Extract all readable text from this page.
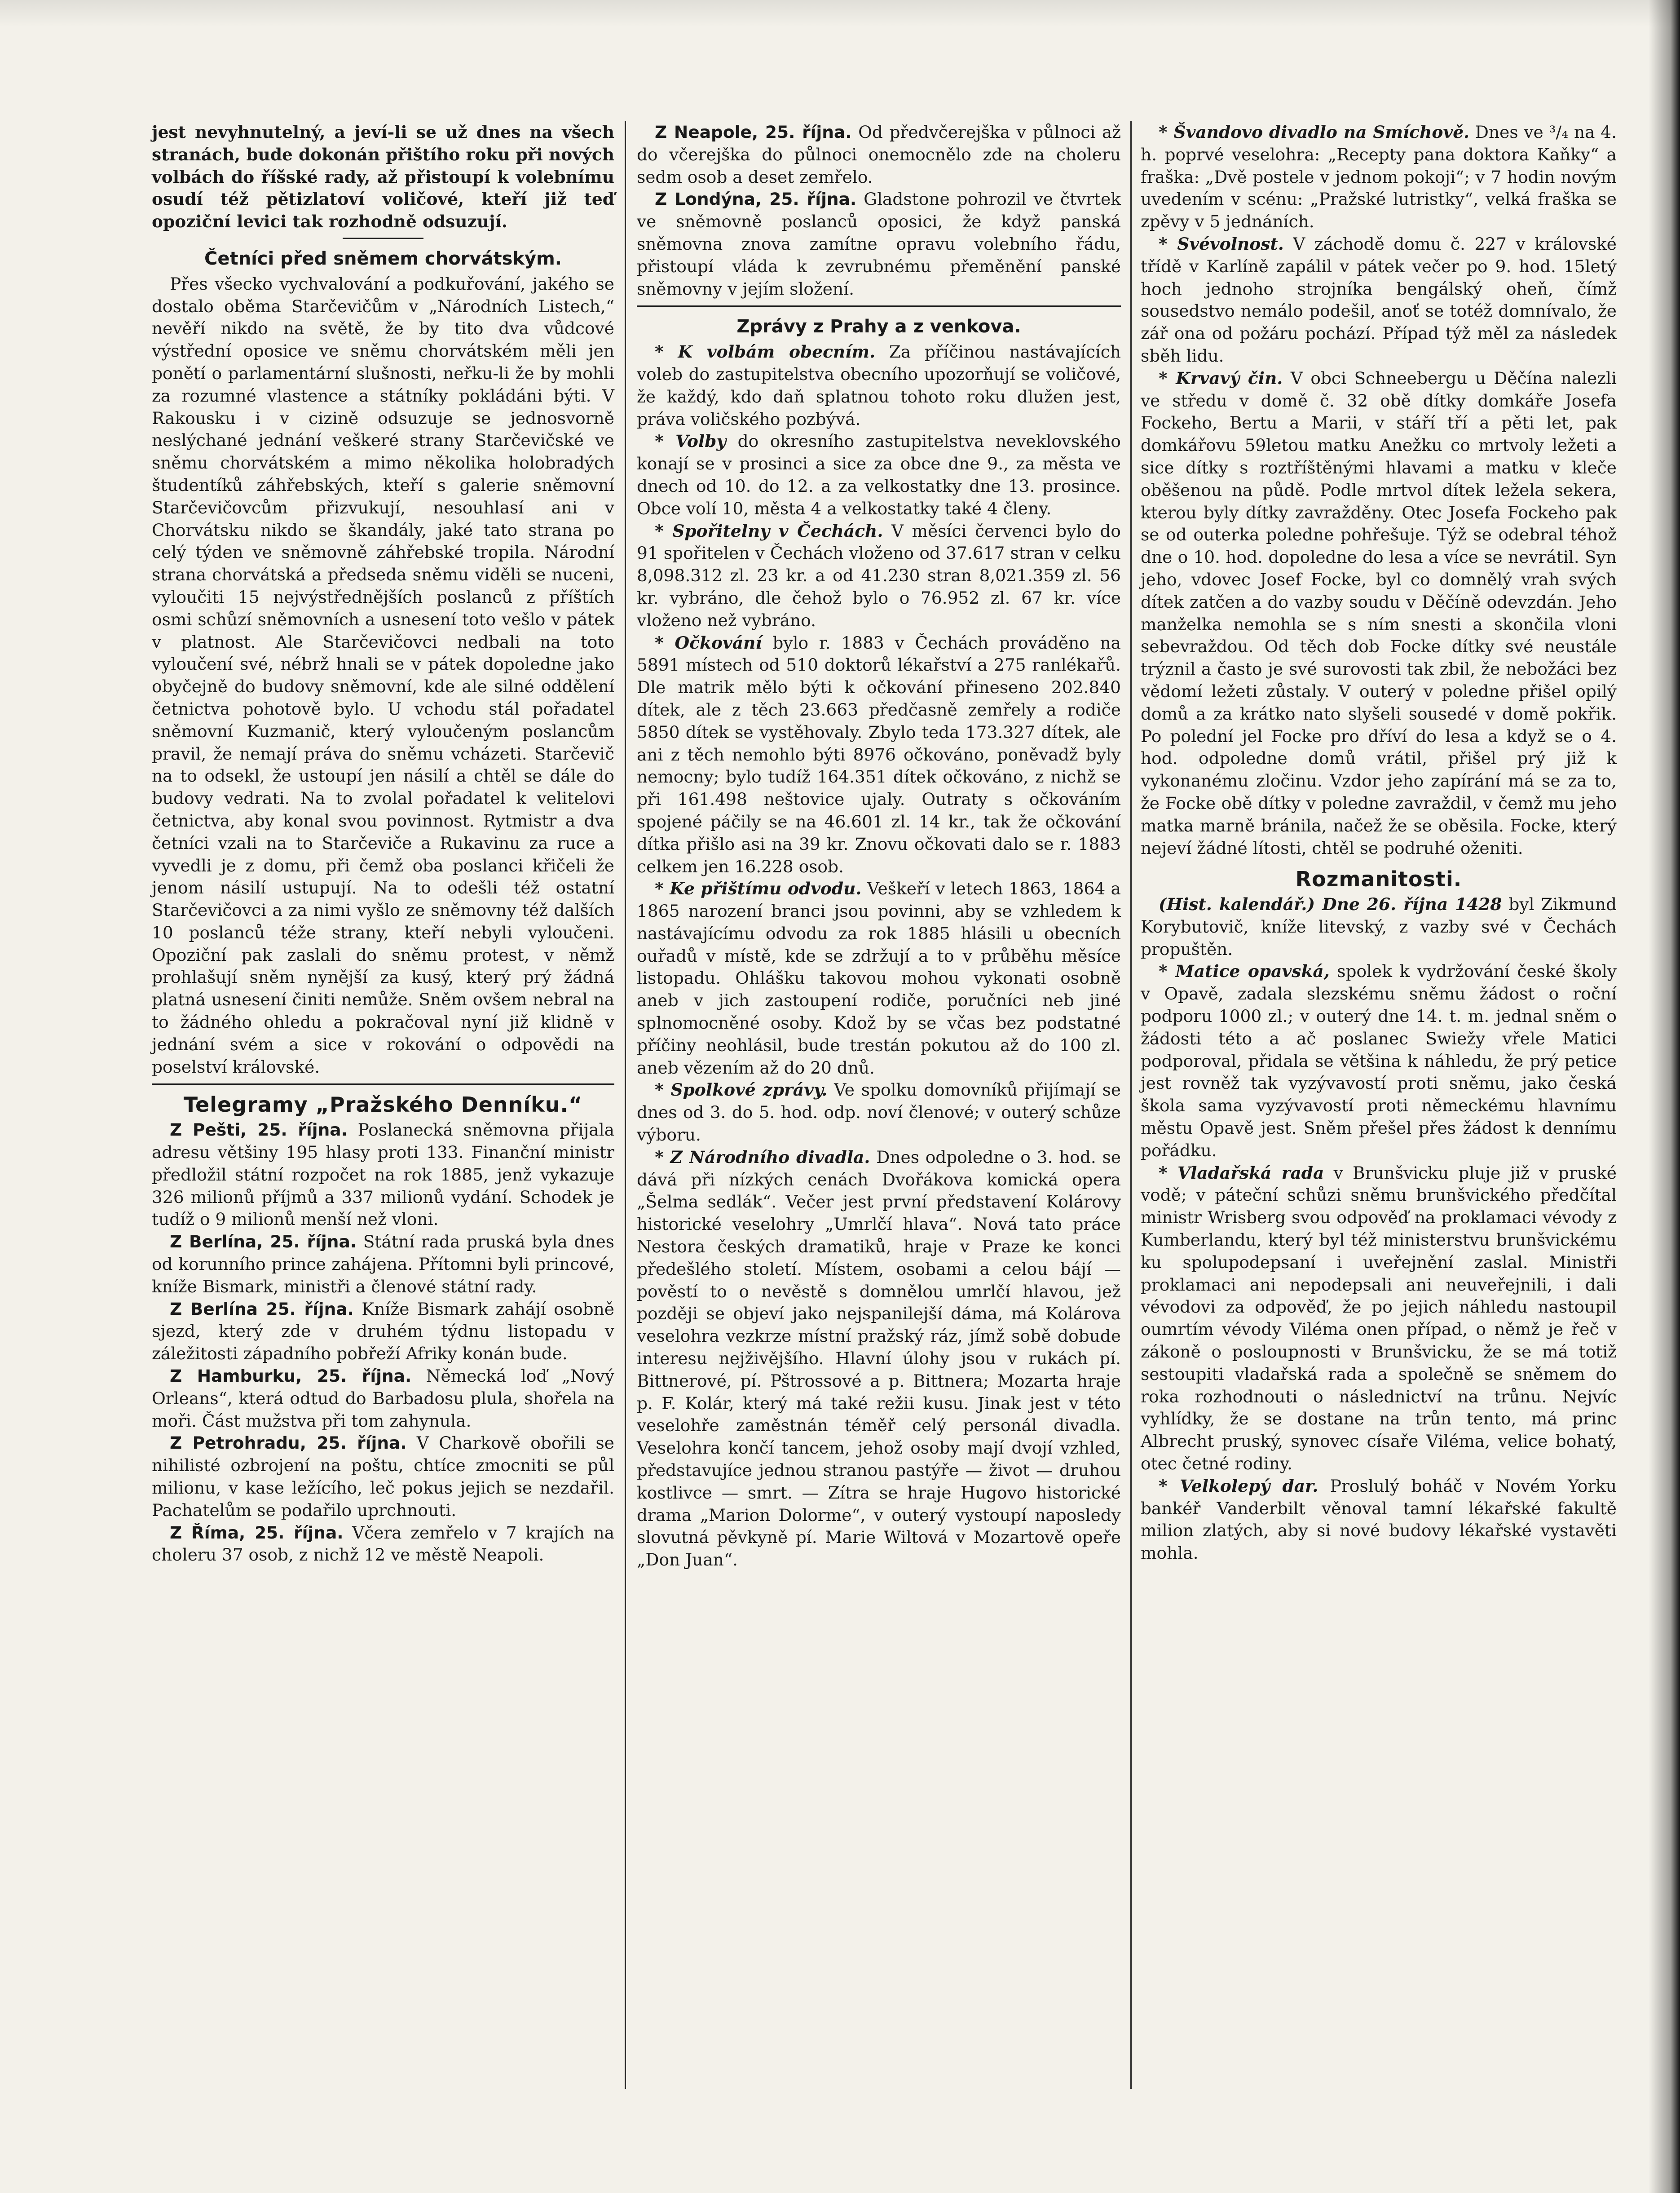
jest nevyhnutelný, a jeví-li se už dnes na všech stranách, bude dokonán přištího roku při nových volbách do říšské rady, až přistoupí k volebnímu osudí též pětizlatoví voličové, kteří již teď opoziční levici tak rozhodně odsuzují.

Četníci před sněmem chorvátským.

Přes všecko vychvalování a podkuřování, jakého se dostalo oběma Starčevičům v „Národních Listech,“ nevěří nikdo na světě, že by tito dva vůdcové výstřední oposice ve sněmu chorvátském měli jen ponětí o parlamentární slušnosti, neřku-li že by mohli za rozumné vlastence a státníky pokládáni býti. V Rakousku i v cizině odsuzuje se jednosvorně neslýchané jednání veškeré strany Starčevičské ve sněmu chorvátském a mimo několika holobradých študentíků záhřebských, kteří s galerie sněmovní Starčevičovcům přizvukují, nesouhlasí ani v Chorvátsku nikdo se škandály, jaké tato strana po celý týden ve sněmovně záhřebské tropila. Národní strana chorvátská a předseda sněmu viděli se nuceni, vyloučiti 15 nejvýstřednějších poslanců z příštích osmi schůzí sněmovních a usnesení toto vešlo v pátek v platnost. Ale Starčevičovci nedbali na toto vyloučení své, nébrž hnali se v pátek dopoledne jako obyčejně do budovy sněmovní, kde ale silné oddělení četnictva pohotově bylo. U vchodu stál pořadatel sněmovní Kuzmanič, který vyloučeným poslancům pravil, že nemají práva do sněmu vcházeti. Starčevič na to odsekl, že ustoupí jen násilí a chtěl se dále do budovy vedrati. Na to zvolal pořadatel k velitelovi četnictva, aby konal svou povinnost. Rytmistr a dva četníci vzali na to Starčeviče a Rukavinu za ruce a vyvedli je z domu, při čemž oba poslanci křičeli že jenom násilí ustupují. Na to odešli též ostatní Starčevičovci a za nimi vyšlo ze sněmovny též dalších 10 poslanců téže strany, kteří nebyli vyloučeni. Opoziční pak zaslali do sněmu protest, v němž prohlašují sněm nynější za kusý, který prý žádná platná usnesení činiti nemůže. Sněm ovšem nebral na to žádného ohledu a pokračoval nyní již klidně v jednání svém a sice v rokování o odpovědi na poselství královské.

Telegramy „Pražského Denníku.“

Z Pešti, 25. října. Poslanecká sněmovna přijala adresu většiny 195 hlasy proti 133. Finanční ministr předložil státní rozpočet na rok 1885, jenž vykazuje 326 milionů příjmů a 337 milionů vydání. Schodek je tudíž o 9 milionů menší než vloni.

Z Berlína, 25. října. Státní rada pruská byla dnes od korunního prince zahájena. Přítomni byli princové, kníže Bismark, ministři a členové státní rady.

Z Berlína 25. října. Kníže Bismark zahájí osobně sjezd, který zde v druhém týdnu listopadu v záležitosti západního pobřeží Afriky konán bude.

Z Hamburku, 25. října. Německá loď „Nový Orleans“, která odtud do Barbadosu plula, shořela na moři. Část mužstva při tom zahynula.

Z Petrohradu, 25. října. V Charkově obořili se nihilisté ozbrojení na poštu, chtíce zmocniti se půl milionu, v kase ležícího, leč pokus jejich se nezdařil. Pachatelům se podařilo uprchnouti.

Z Říma, 25. října. Včera zemřelo v 7 krajích na choleru 37 osob, z nichž 12 ve městě Neapoli.

Z Neapole, 25. října. Od předvčerejška v půlnoci až do včerejška do půlnoci onemocnělo zde na choleru sedm osob a deset zemřelo.

Z Londýna, 25. října. Gladstone pohrozil ve čtvrtek ve sněmovně poslanců oposici, že když panská sněmovna znova zamítne opravu volebního řádu, přistoupí vláda k zevrubnému přeměnění panské sněmovny v jejím složení.

Zprávy z Prahy a z venkova.

* K volbám obecním. Za příčinou nastávajících voleb do zastupitelstva obecního upozorňují se voličové, že každý, kdo daň splatnou tohoto roku dlužen jest, práva voličského pozbývá.

* Volby do okresního zastupitelstva neveklovského konají se v prosinci a sice za obce dne 9., za města ve dnech od 10. do 12. a za velkostatky dne 13. prosince. Obce volí 10, města 4 a velkostatky také 4 členy.

* Spořitelny v Čechách. V měsíci červenci bylo do 91 spořitelen v Čechách vloženo od 37.617 stran v celku 8,098.312 zl. 23 kr. a od 41.230 stran 8,021.359 zl. 56 kr. vybráno, dle čehož bylo o 76.952 zl. 67 kr. více vloženo než vybráno.

* Očkování bylo r. 1883 v Čechách prováděno na 5891 místech od 510 doktorů lékařství a 275 ranlékařů. Dle matrik mělo býti k očkování přineseno 202.840 dítek, ale z těch 23.663 předčasně zemřely a rodiče 5850 dítek se vystěhovaly. Zbylo teda 173.327 dítek, ale ani z těch nemohlo býti 8976 očkováno, poněvadž byly nemocny; bylo tudíž 164.351 dítek očkováno, z nichž se při 161.498 neštovice ujaly. Outraty s očkováním spojené páčily se na 46.601 zl. 14 kr., tak že očkování dítka přišlo asi na 39 kr. Znovu očkovati dalo se r. 1883 celkem jen 16.228 osob.

* Ke přištímu odvodu. Veškeří v letech 1863, 1864 a 1865 narození branci jsou povinni, aby se vzhledem k nastávajícímu odvodu za rok 1885 hlásili u obecních ouřadů v místě, kde se zdržují a to v průběhu měsíce listopadu. Ohlášku takovou mohou vykonati osobně aneb v jich zastoupení rodiče, poručníci neb jiné splnomocněné osoby. Kdož by se včas bez podstatné příčiny neohlásil, bude trestán pokutou až do 100 zl. aneb vězením až do 20 dnů.

* Spolkové zprávy. Ve spolku domovníků přijímají se dnes od 3. do 5. hod. odp. noví členové; v outerý schůze výboru.

* Z Národního divadla. Dnes odpoledne o 3. hod. se dává při nízkých cenách Dvořákova komická opera „Šelma sedlák“. Večer jest první představení Kolárovy historické veselohry „Umrlčí hlava“. Nová tato práce Nestora českých dramatiků, hraje v Praze ke konci předešlého století. Místem, osobami a celou bájí — pověstí to o nevěstě s domnělou umrlčí hlavou, jež později se objeví jako nejspanilejší dáma, má Kolárova veselohra vezkrze místní pražský ráz, jímž sobě dobude interesu nejživějšího. Hlavní úlohy jsou v rukách pí. Bittnerové, pí. Pštrossové a p. Bittnera; Mozarta hraje p. F. Kolár, který má také režii kusu. Jinak jest v této veselohře zaměstnán téměř celý personál divadla. Veselohra končí tancem, jehož osoby mají dvojí vzhled, představujíce jednou stranou pastýře — život — druhou kostlivce — smrt. — Zítra se hraje Hugovo historické drama „Marion Dolorme“, v outerý vystoupí naposledy slovutná pěvkyně pí. Marie Wiltová v Mozartově opeře „Don Juan“.

* Švandovo divadlo na Smíchově. Dnes ve ³/₄ na 4. h. poprvé veselohra: „Recepty pana doktora Kaňky“ a fraška: „Dvě postele v jednom pokoji“; v 7 hodin novým uvedením v scénu: „Pražské lutristky“, velká fraška se zpěvy v 5 jednáních.

* Svévolnost. V záchodě domu č. 227 v královské třídě v Karlíně zapálil v pátek večer po 9. hod. 15letý hoch jednoho strojníka bengálský oheň, čímž sousedstvo nemálo podešil, anoť se totéž domnívalo, že zář ona od požáru pochází. Případ týž měl za následek sběh lidu.

* Krvavý čin. V obci Schneebergu u Děčína nalezli ve středu v domě č. 32 obě dítky domkáře Josefa Fockeho, Bertu a Marii, v stáří tří a pěti let, pak domkářovu 59letou matku Anežku co mrtvoly ležeti a sice dítky s roztříštěnými hlavami a matku v kleče oběšenou na půdě. Podle mrtvol dítek ležela sekera, kterou byly dítky zavražděny. Otec Josefa Fockeho pak se od outerka poledne pohřešuje. Týž se odebral téhož dne o 10. hod. dopoledne do lesa a více se nevrátil. Syn jeho, vdovec Josef Focke, byl co domnělý vrah svých dítek zatčen a do vazby soudu v Děčíně odevzdán. Jeho manželka nemohla se s ním snesti a skončila vloni sebevraždou. Od těch dob Focke dítky své neustále trýznil a často je své surovosti tak zbil, že nebožáci bez vědomí ležeti zůstaly. V outerý v poledne přišel opilý domů a za krátko nato slyšeli sousedé v domě pokřik. Po polední jel Focke pro dříví do lesa a když se o 4. hod. odpoledne domů vrátil, přišel prý již k vykonanému zločinu. Vzdor jeho zapírání má se za to, že Focke obě dítky v poledne zavraždil, v čemž mu jeho matka marně bránila, načež že se oběsila. Focke, který nejeví žádné lítosti, chtěl se podruhé oženiti.

Rozmanitosti.

(Hist. kalendář.) Dne 26. října 1428 byl Zikmund Korybutovič, kníže litevský, z vazby své v Čechách propuštěn.

* Matice opavská, spolek k vydržování české školy v Opavě, zadala slezskému sněmu žádost o roční podporu 1000 zl.; v outerý dne 14. t. m. jednal sněm o žádosti této a ač poslanec Swiežy vřele Matici podporoval, přidala se většina k náhledu, že prý petice jest rovněž tak vyzývavostí proti sněmu, jako česká škola sama vyzývavostí proti německému hlavnímu městu Opavě jest. Sněm přešel přes žádost k dennímu pořádku.

* Vladařská rada v Brunšvicku pluje již v pruské vodě; v páteční schůzi sněmu brunšvického předčítal ministr Wrisberg svou odpověď na proklamaci vévody z Kumberlandu, který byl též ministerstvu brunšvickému ku spolupodepsaní i uveřejnění zaslal. Ministři proklamaci ani nepodepsali ani neuveřejnili, i dali vévodovi za odpověď, že po jejich náhledu nastoupil oumrtím vévody Viléma onen případ, o němž je řeč v zákoně o posloupnosti v Brunšvicku, že se má totiž sestoupiti vladařská rada a společně se sněmem do roka rozhodnouti o následnictví na trůnu. Nejvíc vyhlídky, že se dostane na trůn tento, má princ Albrecht pruský, synovec císaře Viléma, velice bohatý, otec četné rodiny.

* Velkolepý dar. Proslulý boháč v Novém Yorku bankéř Vanderbilt věnoval tamní lékařské fakultě milion zlatých, aby si nové budovy lékařské vystavěti mohla.
